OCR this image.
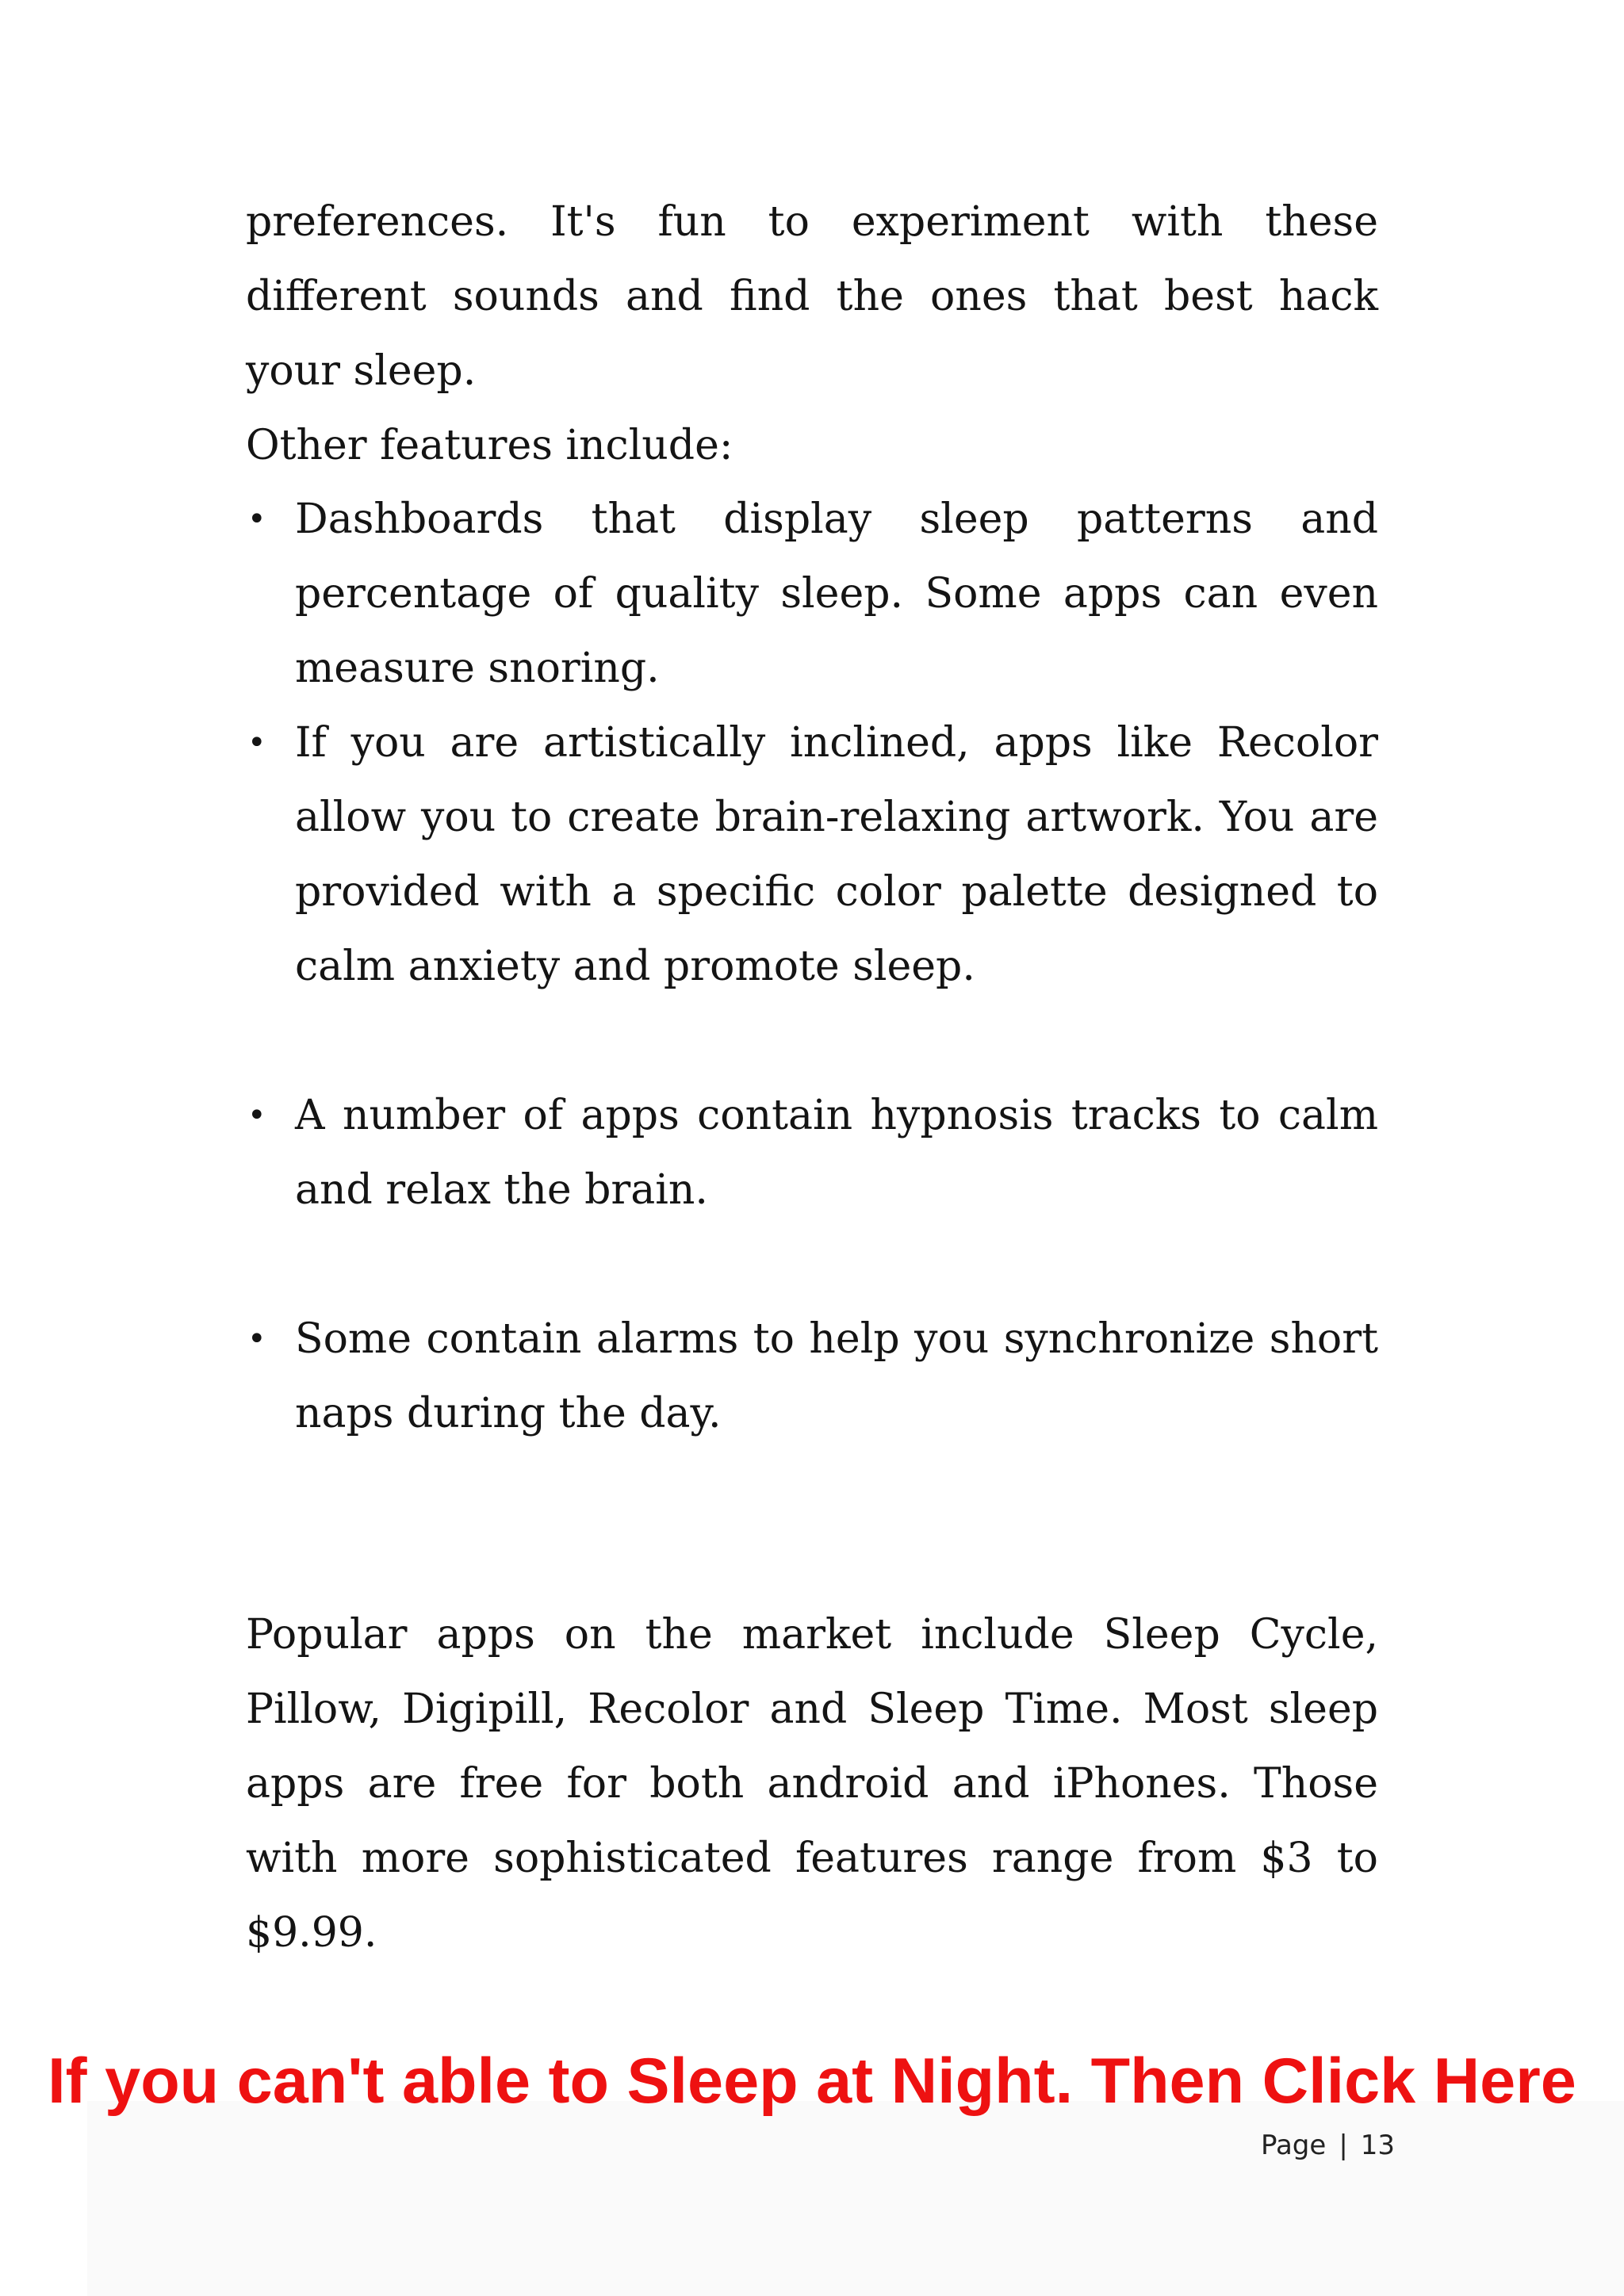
preferences. It's fun to experiment with these different sounds and find the ones that best hack your sleep.

Other features include:

• Dashboards that display sleep patterns and percentage of quality sleep. Some apps can even measure snoring.
• If you are artistically inclined, apps like Recolor allow you to create brain-relaxing artwork. You are provided with a specific color palette designed to calm anxiety and promote sleep.
• A number of apps contain hypnosis tracks to calm and relax the brain.
• Some contain alarms to help you synchronize short naps during the day.

Popular apps on the market include Sleep Cycle, Pillow, Digipill, Recolor and Sleep Time. Most sleep apps are free for both android and iPhones. Those with more sophisticated features range from $3 to $9.99.

If you can't able to Sleep at Night. Then Click Here
Page | 13
